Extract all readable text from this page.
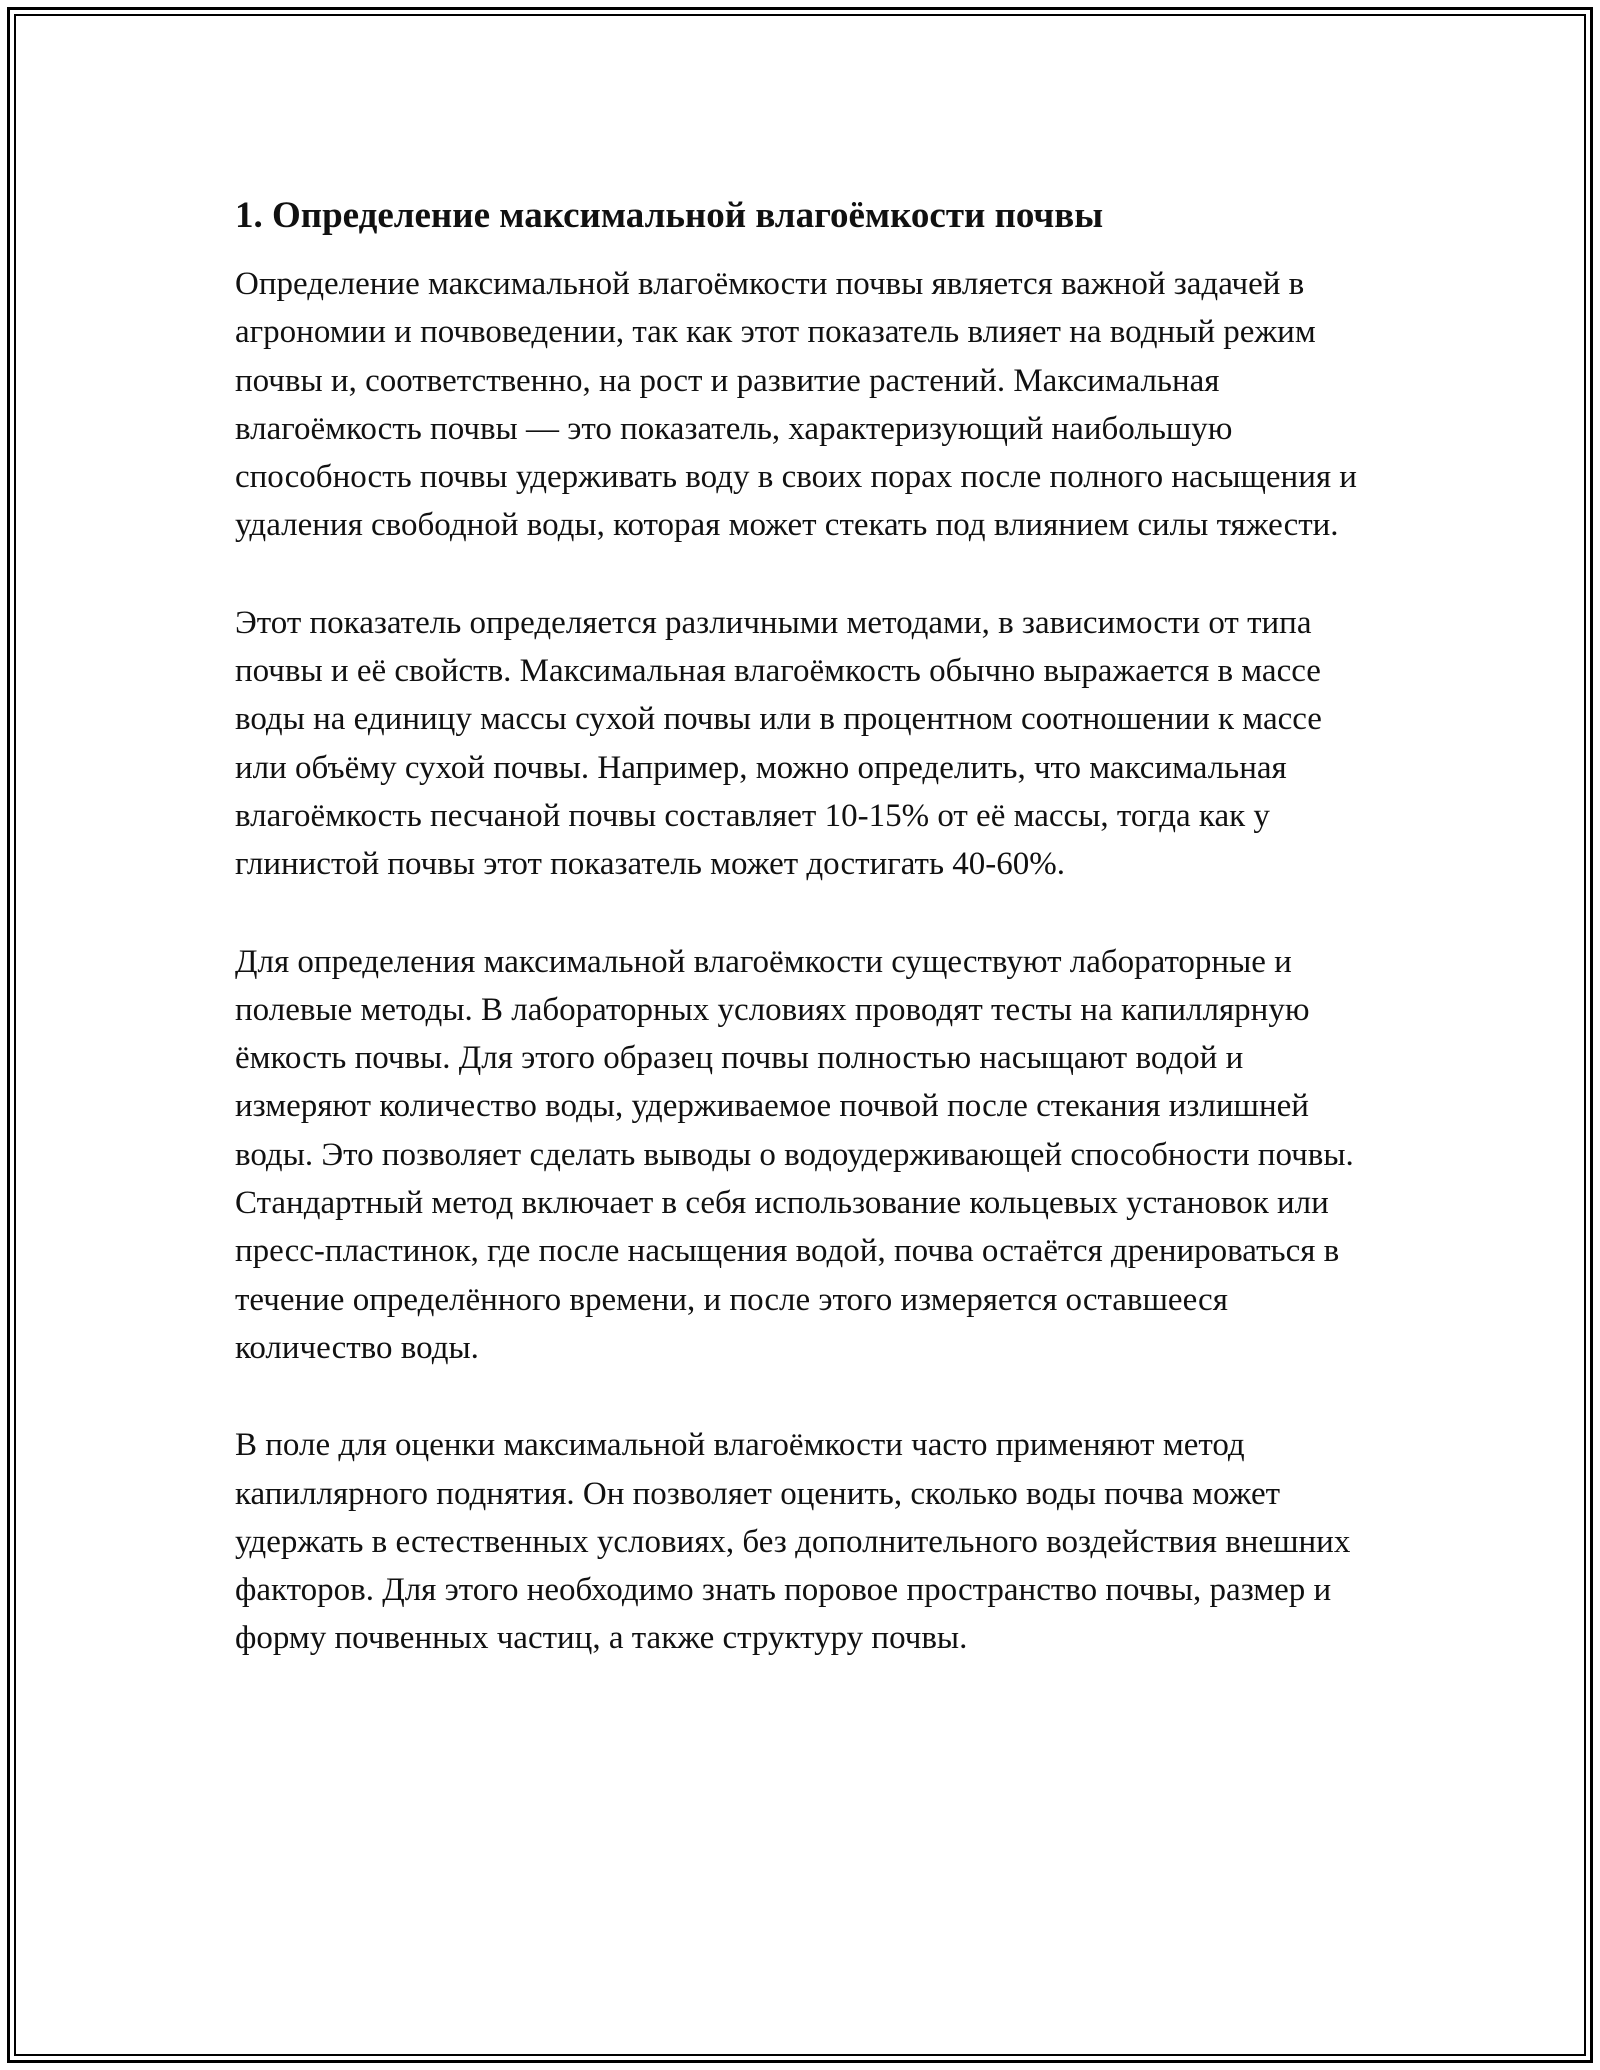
1. Определение максимальной влагоёмкости почвы

Определение максимальной влагоёмкости почвы является важной задачей в агрономии и почвоведении, так как этот показатель влияет на водный режим почвы и, соответственно, на рост и развитие растений. Максимальная влагоёмкость почвы — это показатель, характеризующий наибольшую способность почвы удерживать воду в своих порах после полного насыщения и удаления свободной воды, которая может стекать под влиянием силы тяжести.

Этот показатель определяется различными методами, в зависимости от типа почвы и её свойств. Максимальная влагоёмкость обычно выражается в массе воды на единицу массы сухой почвы или в процентном соотношении к массе или объёму сухой почвы. Например, можно определить, что максимальная влагоёмкость песчаной почвы составляет 10-15% от её массы, тогда как у глинистой почвы этот показатель может достигать 40-60%.

Для определения максимальной влагоёмкости существуют лабораторные и полевые методы. В лабораторных условиях проводят тесты на капиллярную ёмкость почвы. Для этого образец почвы полностью насыщают водой и измеряют количество воды, удерживаемое почвой после стекания излишней воды. Это позволяет сделать выводы о водоудерживающей способности почвы. Стандартный метод включает в себя использование кольцевых установок или пресс-пластинок, где после насыщения водой, почва остаётся дренироваться в течение определённого времени, и после этого измеряется оставшееся количество воды.

В поле для оценки максимальной влагоёмкости часто применяют метод капиллярного поднятия. Он позволяет оценить, сколько воды почва может удержать в естественных условиях, без дополнительного воздействия внешних факторов. Для этого необходимо знать поровое пространство почвы, размер и форму почвенных частиц, а также структуру почвы.
